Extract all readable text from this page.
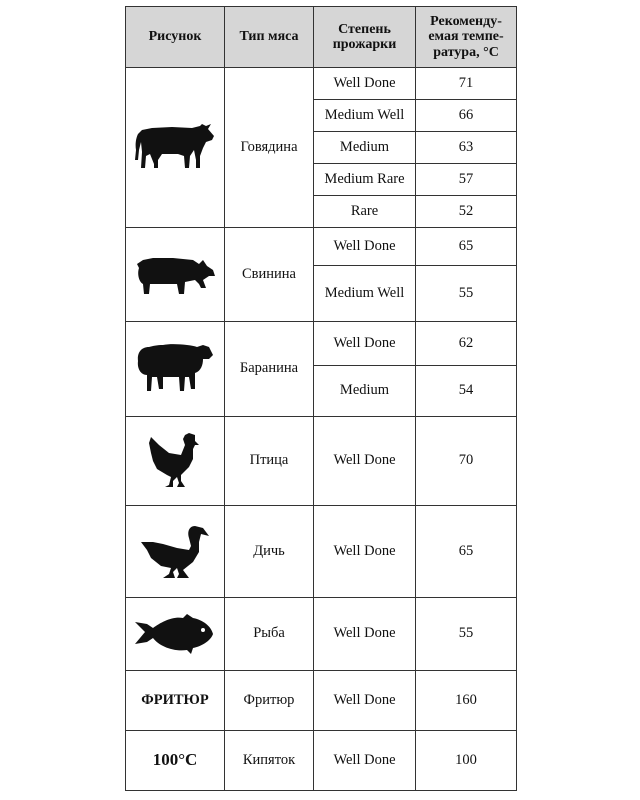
Рисунок	Тип мяса	Степень прожарки	Рекоменду-емая темпе-ратура, °С

	Говядина	Well Done	71
		Medium Well	66
		Medium	63
		Medium Rare	57
		Rare	52

	Свинина	Well Done	65
		Medium Well	55

	Баранина	Well Done	62
		Medium	54

	Птица	Well Done	70

	Дичь	Well Done	65

	Рыба	Well Done	55
ФРИТЮР	Фритюр	Well Done	160
100°C	Кипяток	Well Done	100
